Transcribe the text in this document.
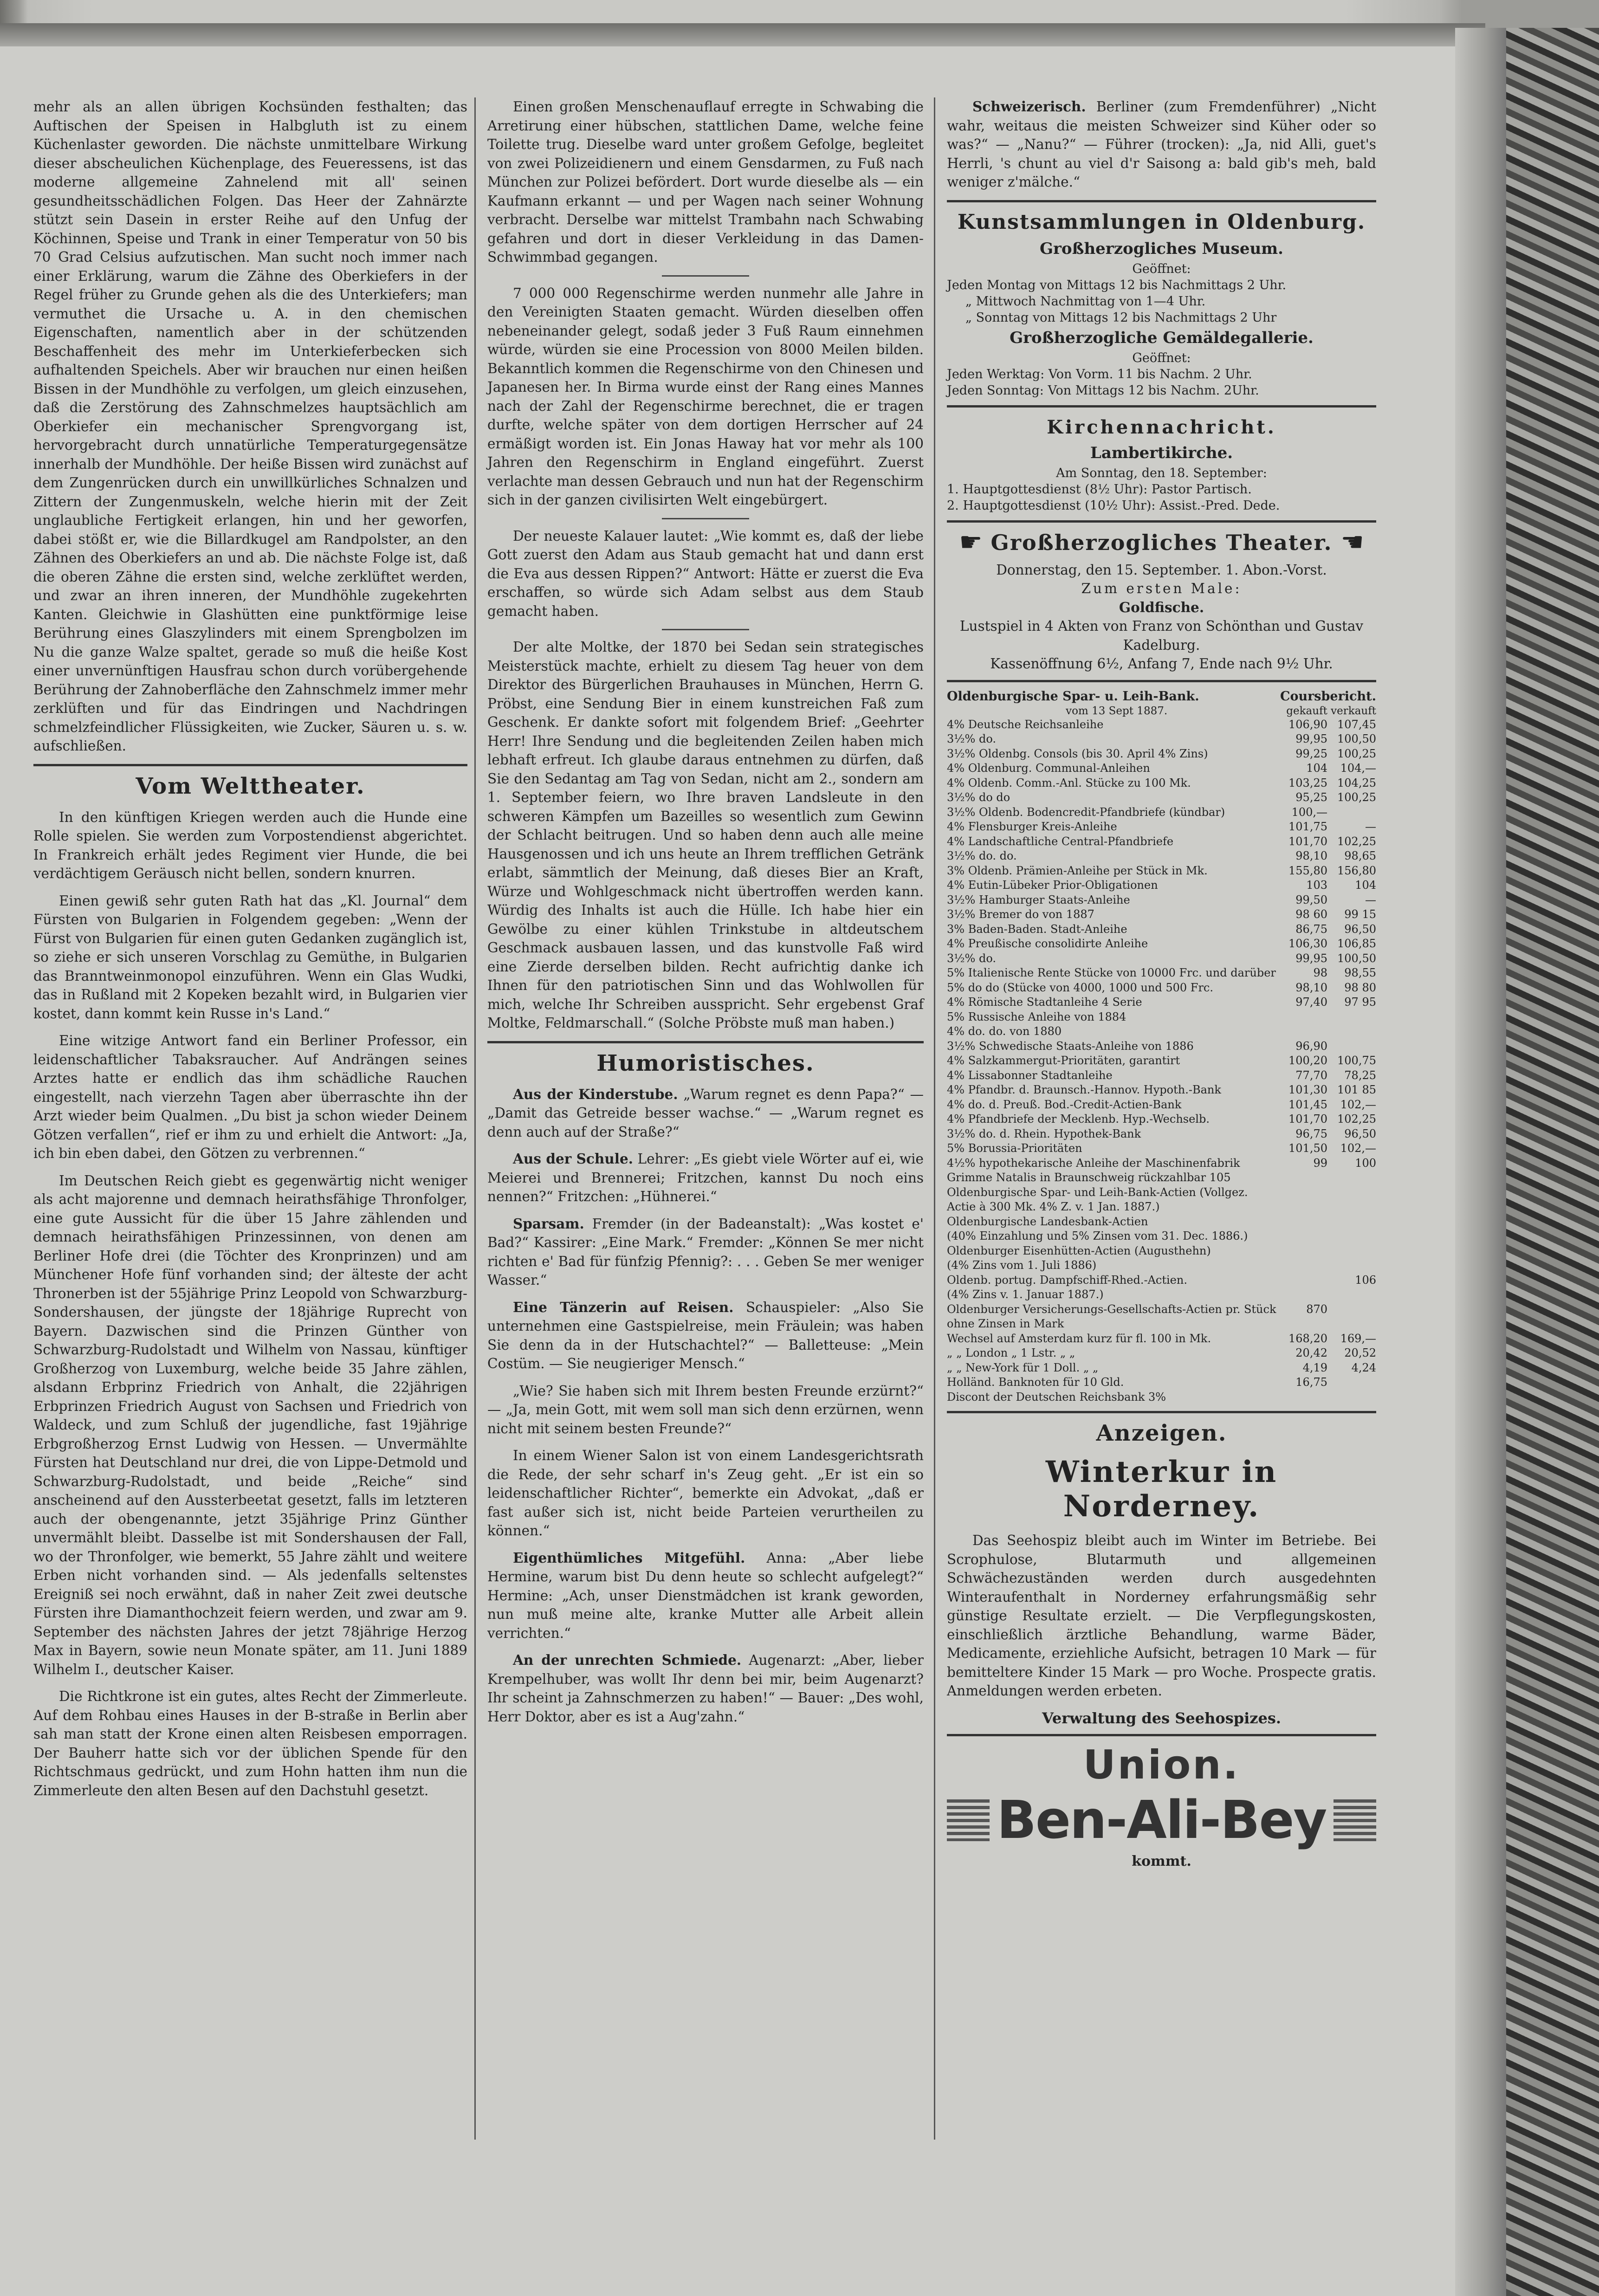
mehr als an allen übrigen Kochsünden festhalten; das Auftischen der Speisen in Halbgluth ist zu einem Küchenlaster geworden. Die nächste unmittelbare Wirkung dieser abscheulichen Küchenplage, des Feueressens, ist das moderne allgemeine Zahnelend mit all' seinen gesundheitsschädlichen Folgen. Das Heer der Zahnärzte stützt sein Dasein in erster Reihe auf den Unfug der Köchinnen, Speise und Trank in einer Temperatur von 50 bis 70 Grad Celsius aufzutischen. Man sucht noch immer nach einer Erklärung, warum die Zähne des Oberkiefers in der Regel früher zu Grunde gehen als die des Unterkiefers; man vermuthet die Ursache u. A. in den chemischen Eigenschaften, namentlich aber in der schützenden Beschaffenheit des mehr im Unterkieferbecken sich aufhaltenden Speichels. Aber wir brauchen nur einen heißen Bissen in der Mundhöhle zu verfolgen, um gleich einzusehen, daß die Zerstörung des Zahnschmelzes hauptsächlich am Oberkiefer ein mechanischer Sprengvorgang ist, hervorgebracht durch unnatürliche Temperaturgegensätze innerhalb der Mundhöhle. Der heiße Bissen wird zunächst auf dem Zungenrücken durch ein unwillkürliches Schnalzen und Zittern der Zungenmuskeln, welche hierin mit der Zeit unglaubliche Fertigkeit erlangen, hin und her geworfen, dabei stößt er, wie die Billardkugel am Randpolster, an den Zähnen des Oberkiefers an und ab. Die nächste Folge ist, daß die oberen Zähne die ersten sind, welche zerklüftet werden, und zwar an ihren inneren, der Mundhöhle zugekehrten Kanten. Gleichwie in Glashütten eine punktförmige leise Berührung eines Glaszylinders mit einem Sprengbolzen im Nu die ganze Walze spaltet, gerade so muß die heiße Kost einer unvernünftigen Hausfrau schon durch vorübergehende Berührung der Zahnoberfläche den Zahnschmelz immer mehr zerklüften und für das Eindringen und Nachdringen schmelzfeindlicher Flüssigkeiten, wie Zucker, Säuren u. s. w. aufschließen.

Vom Welttheater.

In den künftigen Kriegen werden auch die Hunde eine Rolle spielen. Sie werden zum Vorpostendienst abgerichtet. In Frankreich erhält jedes Regiment vier Hunde, die bei verdächtigem Geräusch nicht bellen, sondern knurren.

Einen gewiß sehr guten Rath hat das „Kl. Journal“ dem Fürsten von Bulgarien in Folgendem gegeben: „Wenn der Fürst von Bulgarien für einen guten Gedanken zugänglich ist, so ziehe er sich unseren Vorschlag zu Gemüthe, in Bulgarien das Branntweinmonopol einzuführen. Wenn ein Glas Wudki, das in Rußland mit 2 Kopeken bezahlt wird, in Bulgarien vier kostet, dann kommt kein Russe in's Land.“

Eine witzige Antwort fand ein Berliner Professor, ein leidenschaftlicher Tabaksraucher. Auf Andrängen seines Arztes hatte er endlich das ihm schädliche Rauchen eingestellt, nach vierzehn Tagen aber überraschte ihn der Arzt wieder beim Qualmen. „Du bist ja schon wieder Deinem Götzen verfallen“, rief er ihm zu und erhielt die Antwort: „Ja, ich bin eben dabei, den Götzen zu verbrennen.“

Im Deutschen Reich giebt es gegenwärtig nicht weniger als acht majorenne und demnach heirathsfähige Thronfolger, eine gute Aussicht für die über 15 Jahre zählenden und demnach heirathsfähigen Prinzessinnen, von denen am Berliner Hofe drei (die Töchter des Kronprinzen) und am Münchener Hofe fünf vorhanden sind; der älteste der acht Thronerben ist der 55jährige Prinz Leopold von Schwarzburg-Sondershausen, der jüngste der 18jährige Ruprecht von Bayern. Dazwischen sind die Prinzen Günther von Schwarzburg-Rudolstadt und Wilhelm von Nassau, künftiger Großherzog von Luxemburg, welche beide 35 Jahre zählen, alsdann Erbprinz Friedrich von Anhalt, die 22jährigen Erbprinzen Friedrich August von Sachsen und Friedrich von Waldeck, und zum Schluß der jugendliche, fast 19jährige Erbgroßherzog Ernst Ludwig von Hessen. — Unvermählte Fürsten hat Deutschland nur drei, die von Lippe-Detmold und Schwarzburg-Rudolstadt, und beide „Reiche“ sind anscheinend auf den Aussterbeetat gesetzt, falls im letzteren auch der obengenannte, jetzt 35jährige Prinz Günther unvermählt bleibt. Dasselbe ist mit Sondershausen der Fall, wo der Thronfolger, wie bemerkt, 55 Jahre zählt und weitere Erben nicht vorhanden sind. — Als jedenfalls seltenstes Ereigniß sei noch erwähnt, daß in naher Zeit zwei deutsche Fürsten ihre Diamanthochzeit feiern werden, und zwar am 9. September des nächsten Jahres der jetzt 78jährige Herzog Max in Bayern, sowie neun Monate später, am 11. Juni 1889 Wilhelm I., deutscher Kaiser.

Die Richtkrone ist ein gutes, altes Recht der Zimmerleute. Auf dem Rohbau eines Hauses in der B-straße in Berlin aber sah man statt der Krone einen alten Reisbesen emporragen. Der Bauherr hatte sich vor der üblichen Spende für den Richtschmaus gedrückt, und zum Hohn hatten ihm nun die Zimmerleute den alten Besen auf den Dachstuhl gesetzt.

Einen großen Menschenauflauf erregte in Schwabing die Arretirung einer hübschen, stattlichen Dame, welche feine Toilette trug. Dieselbe ward unter großem Gefolge, begleitet von zwei Polizeidienern und einem Gensdarmen, zu Fuß nach München zur Polizei befördert. Dort wurde dieselbe als — ein Kaufmann erkannt — und per Wagen nach seiner Wohnung verbracht. Derselbe war mittelst Trambahn nach Schwabing gefahren und dort in dieser Verkleidung in das Damen-Schwimmbad gegangen.

7 000 000 Regenschirme werden nunmehr alle Jahre in den Vereinigten Staaten gemacht. Würden dieselben offen nebeneinander gelegt, sodaß jeder 3 Fuß Raum einnehmen würde, würden sie eine Procession von 8000 Meilen bilden. Bekanntlich kommen die Regenschirme von den Chinesen und Japanesen her. In Birma wurde einst der Rang eines Mannes nach der Zahl der Regenschirme berechnet, die er tragen durfte, welche später von dem dortigen Herrscher auf 24 ermäßigt worden ist. Ein Jonas Haway hat vor mehr als 100 Jahren den Regenschirm in England eingeführt. Zuerst verlachte man dessen Gebrauch und nun hat der Regenschirm sich in der ganzen civilisirten Welt eingebürgert.

Der neueste Kalauer lautet: „Wie kommt es, daß der liebe Gott zuerst den Adam aus Staub gemacht hat und dann erst die Eva aus dessen Rippen?“ Antwort: Hätte er zuerst die Eva erschaffen, so würde sich Adam selbst aus dem Staub gemacht haben.

Der alte Moltke, der 1870 bei Sedan sein strategisches Meisterstück machte, erhielt zu diesem Tag heuer von dem Direktor des Bürgerlichen Brauhauses in München, Herrn G. Pröbst, eine Sendung Bier in einem kunstreichen Faß zum Geschenk. Er dankte sofort mit folgendem Brief: „Geehrter Herr! Ihre Sendung und die begleitenden Zeilen haben mich lebhaft erfreut. Ich glaube daraus entnehmen zu dürfen, daß Sie den Sedantag am Tag von Sedan, nicht am 2., sondern am 1. September feiern, wo Ihre braven Landsleute in den schweren Kämpfen um Bazeilles so wesentlich zum Gewinn der Schlacht beitrugen. Und so haben denn auch alle meine Hausgenossen und ich uns heute an Ihrem trefflichen Getränk erlabt, sämmtlich der Meinung, daß dieses Bier an Kraft, Würze und Wohlgeschmack nicht übertroffen werden kann. Würdig des Inhalts ist auch die Hülle. Ich habe hier ein Gewölbe zu einer kühlen Trinkstube in altdeutschem Geschmack ausbauen lassen, und das kunstvolle Faß wird eine Zierde derselben bilden. Recht aufrichtig danke ich Ihnen für den patriotischen Sinn und das Wohlwollen für mich, welche Ihr Schreiben ausspricht. Sehr ergebenst Graf Moltke, Feldmarschall.“ (Solche Pröbste muß man haben.)

Humoristisches.

Aus der Kinderstube. „Warum regnet es denn Papa?“ — „Damit das Getreide besser wachse.“ — „Warum regnet es denn auch auf der Straße?“

Aus der Schule. Lehrer: „Es giebt viele Wörter auf ei, wie Meierei und Brennerei; Fritzchen, kannst Du noch eins nennen?“ Fritzchen: „Hühnerei.“

Sparsam. Fremder (in der Badeanstalt): „Was kostet e' Bad?“ Kassirer: „Eine Mark.“ Fremder: „Können Se mer nicht richten e' Bad für fünfzig Pfennig?: . . . Geben Se mer weniger Wasser.“

Eine Tänzerin auf Reisen. Schauspieler: „Also Sie unternehmen eine Gastspielreise, mein Fräulein; was haben Sie denn da in der Hutschachtel?“ — Balletteuse: „Mein Costüm. — Sie neugieriger Mensch.“

„Wie? Sie haben sich mit Ihrem besten Freunde erzürnt?“ — „Ja, mein Gott, mit wem soll man sich denn erzürnen, wenn nicht mit seinem besten Freunde?“

In einem Wiener Salon ist von einem Landesgerichtsrath die Rede, der sehr scharf in's Zeug geht. „Er ist ein so leidenschaftlicher Richter“, bemerkte ein Advokat, „daß er fast außer sich ist, nicht beide Parteien verurtheilen zu können.“

Eigenthümliches Mitgefühl. Anna: „Aber liebe Hermine, warum bist Du denn heute so schlecht aufgelegt?“ Hermine: „Ach, unser Dienstmädchen ist krank geworden, nun muß meine alte, kranke Mutter alle Arbeit allein verrichten.“

An der unrechten Schmiede. Augenarzt: „Aber, lieber Krempelhuber, was wollt Ihr denn bei mir, beim Augenarzt? Ihr scheint ja Zahnschmerzen zu haben!“ — Bauer: „Des wohl, Herr Doktor, aber es ist a Aug'zahn.“

Schweizerisch. Berliner (zum Fremdenführer) „Nicht wahr, weitaus die meisten Schweizer sind Küher oder so was?“ — „Nanu?“ — Führer (trocken): „Ja, nid Alli, guet's Herrli, 's chunt au viel d'r Saisong a: bald gib's meh, bald weniger z'mälche.“

Kunstsammlungen in Oldenburg.
Großherzogliches Museum.
Geöffnet:
Jeden Montag von Mittags 12 bis Nachmittags 2 Uhr.
„ Mittwoch Nachmittag von 1—4 Uhr.
„ Sonntag von Mittags 12 bis Nachmittags 2 Uhr
Großherzogliche Gemäldegallerie.
Geöffnet:
Jeden Werktag: Von Vorm. 11 bis Nachm. 2 Uhr.
Jeden Sonntag: Von Mittags 12 bis Nachm. 2Uhr.
Kirchennachricht.
Lambertikirche.
Am Sonntag, den 18. September:
1. Hauptgottesdienst (8½ Uhr): Pastor Partisch.
2. Hauptgottesdienst (10½ Uhr): Assist.-Pred. Dede.
☛ Großherzogliches Theater. ☚
Donnerstag, den 15. September. 1. Abon.-Vorst.
Zum ersten Male:
Goldfische.
Lustspiel in 4 Akten von Franz von Schönthan und Gustav Kadelburg.
Kassenöffnung 6½, Anfang 7, Ende nach 9½ Uhr.
Oldenburgische Spar- u. Leih-Bank.	Coursbericht.
vom 13 Sept 1887.	gekauft verkauft
4% Deutsche Reichsanleihe	106,90	107,45
3½% do.	99,95	100,50
3½% Oldenbg. Consols (bis 30. April 4% Zins)	99,25	100,25
4% Oldenburg. Communal-Anleihen	104	104,—
4% Oldenb. Comm.-Anl. Stücke zu 100 Mk.	103,25	104,25
3½% do do	95,25	100,25
3½% Oldenb. Bodencredit-Pfandbriefe (kündbar)	100,—	
4% Flensburger Kreis-Anleihe	101,75	—
4% Landschaftliche Central-Pfandbriefe	101,70	102,25
3½% do. do.	98,10	98,65
3% Oldenb. Prämien-Anleihe per Stück in Mk.	155,80	156,80
4% Eutin-Lübeker Prior-Obligationen	103	104
3½% Hamburger Staats-Anleihe	99,50	—
3½% Bremer do von 1887	98 60	99 15
3% Baden-Baden. Stadt-Anleihe	86,75	96,50
4% Preußische consolidirte Anleihe	106,30	106,85
3½% do.	99,95	100,50
5% Italienische Rente Stücke von 10000 Frc. und darüber	98	98,55
5% do do (Stücke von 4000, 1000 und 500 Frc.	98,10	98 80
4% Römische Stadtanleihe 4 Serie	97,40	97 95
5% Russische Anleihe von 1884		
4% do. do. von 1880		
3½% Schwedische Staats-Anleihe von 1886	96,90	
4% Salzkammergut-Prioritäten, garantirt	100,20	100,75
4% Lissabonner Stadtanleihe	77,70	78,25
4% Pfandbr. d. Braunsch.-Hannov. Hypoth.-Bank	101,30	101 85
4% do. d. Preuß. Bod.-Credit-Actien-Bank	101,45	102,—
4% Pfandbriefe der Mecklenb. Hyp.-Wechselb.	101,70	102,25
3½% do. d. Rhein. Hypothek-Bank	96,75	96,50
5% Borussia-Prioritäten	101,50	102,—
4½% hypothekarische Anleihe der Maschinenfabrik Grimme Natalis in Braunschweig rückzahlbar 105	99	100
Oldenburgische Spar- und Leih-Bank-Actien (Vollgez. Actie à 300 Mk. 4% Z. v. 1 Jan. 1887.)		
Oldenburgische Landesbank-Actien		
(40% Einzahlung und 5% Zinsen vom 31. Dec. 1886.)		
Oldenburger Eisenhütten-Actien (Augusthehn)		
(4% Zins vom 1. Juli 1886)		
Oldenb. portug. Dampfschiff-Rhed.-Actien.		106
(4% Zins v. 1. Januar 1887.)		
Oldenburger Versicherungs-Gesellschafts-Actien pr. Stück ohne Zinsen in Mark	870	
Wechsel auf Amsterdam kurz für fl. 100 in Mk.	168,20	169,—
„ „ London „ 1 Lstr. „ „	20,42	20,52
„ „ New-York für 1 Doll. „ „	4,19	4,24
Holländ. Banknoten für 10 Gld.	16,75	
Discont der Deutschen Reichsbank 3%		
Anzeigen.
Winterkur in Norderney.

Das Seehospiz bleibt auch im Winter im Betriebe. Bei Scrophulose, Blutarmuth und allgemeinen Schwächezuständen werden durch ausgedehnten Winteraufenthalt in Norderney erfahrungsmäßig sehr günstige Resultate erzielt. — Die Verpflegungskosten, einschließlich ärztliche Behandlung, warme Bäder, Medicamente, erziehliche Aufsicht, betragen 10 Mark — für bemitteltere Kinder 15 Mark — pro Woche. Prospecte gratis. Anmeldungen werden erbeten.

Verwaltung des Seehospizes.
Union.
Ben-Ali-Bey
kommt.
